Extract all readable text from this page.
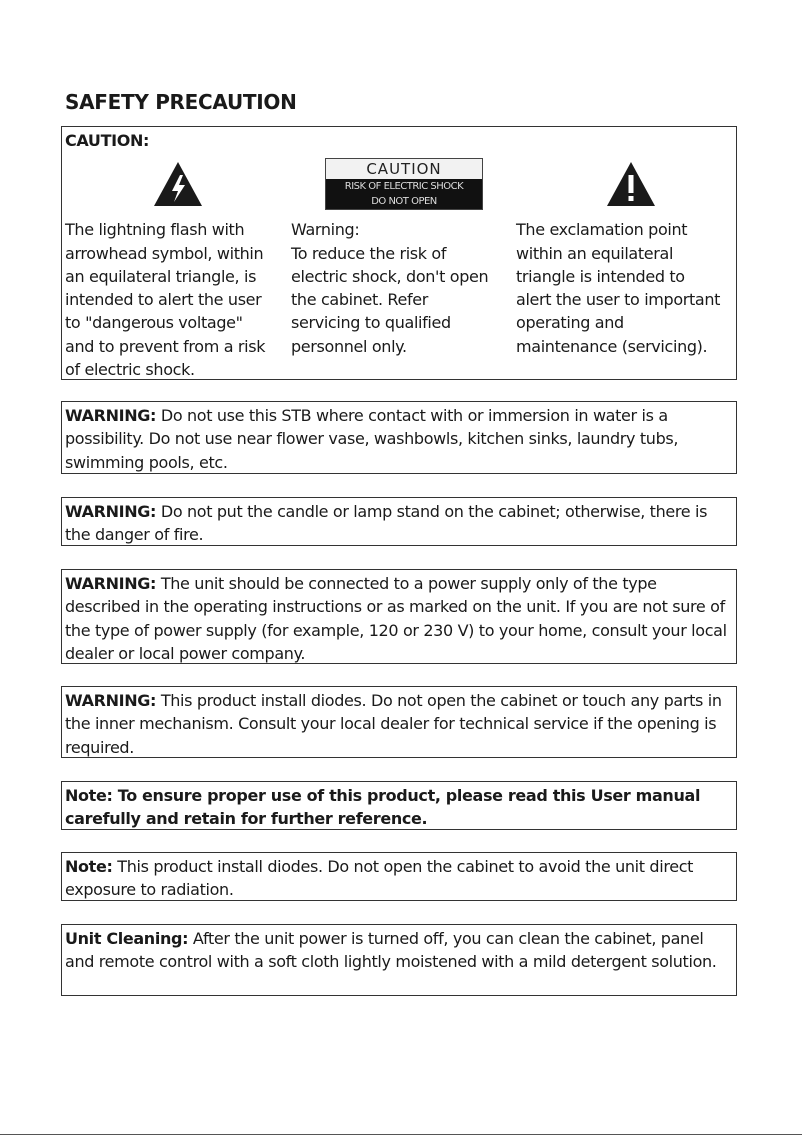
SAFETY PRECAUTION
CAUTION:
CAUTION
RISK OF ELECTRIC SHOCK
DO NOT OPEN
The lightning flash with
arrowhead symbol, within
an equilateral triangle, is
intended to alert the user
to "dangerous voltage"
and to prevent from a risk
of electric shock.
Warning:
To reduce the risk of
electric shock, don't open
the cabinet. Refer
servicing to qualified
personnel only.
The exclamation point
within an equilateral
triangle is intended to
alert the user to important
operating and
maintenance (servicing).
WARNING: Do not use this STB where contact with or immersion in water is a possibility. Do not use near flower vase, washbowls, kitchen sinks, laundry tubs, swimming pools, etc.
WARNING: Do not put the candle or lamp stand on the cabinet; otherwise, there is the danger of fire.
WARNING: The unit should be connected to a power supply only of the type described in the operating instructions or as marked on the unit. If you are not sure of the type of power supply (for example, 120 or 230 V) to your home, consult your local dealer or local power company.
WARNING: This product install diodes. Do not open the cabinet or touch any parts in the inner mechanism. Consult your local dealer for technical service if the opening is required.
Note: To ensure proper use of this product, please read this User manual carefully and retain for further reference.
Note: This product install diodes. Do not open the cabinet to avoid the unit direct exposure to radiation.
Unit Cleaning: After the unit power is turned off, you can clean the cabinet, panel and remote control with a soft cloth lightly moistened with a mild detergent solution.
